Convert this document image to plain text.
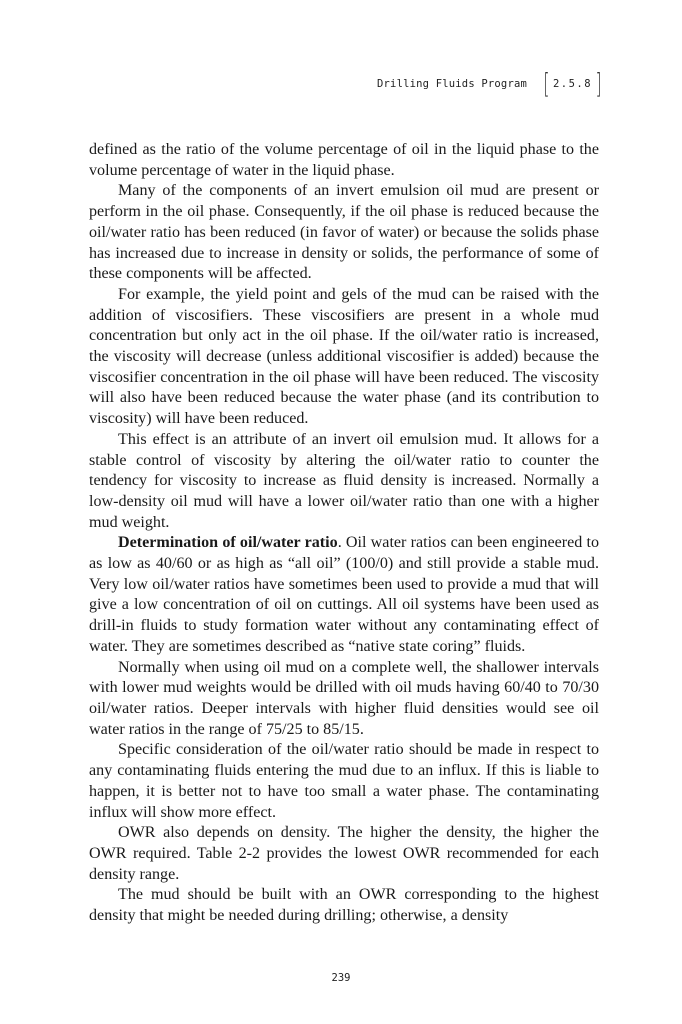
Drilling Fluids Program [ 2.5.8 ]

defined as the ratio of the volume percentage of oil in the liquid phase to the volume percentage of water in the liquid phase.

Many of the components of an invert emulsion oil mud are present or perform in the oil phase. Consequently, if the oil phase is reduced because the oil/water ratio has been reduced (in favor of water) or because the solids phase has increased due to increase in density or solids, the performance of some of these components will be affected.

For example, the yield point and gels of the mud can be raised with the addition of viscosifiers. These viscosifiers are present in a whole mud concentration but only act in the oil phase. If the oil/water ratio is increased, the viscosity will decrease (unless additional viscosifier is added) because the viscosifier concentration in the oil phase will have been reduced. The viscosity will also have been reduced because the water phase (and its contribution to viscosity) will have been reduced.

This effect is an attribute of an invert oil emulsion mud. It allows for a stable control of viscosity by altering the oil/water ratio to counter the tendency for viscosity to increase as fluid density is increased. Normally a low-density oil mud will have a lower oil/water ratio than one with a higher mud weight.

Determination of oil/water ratio. Oil water ratios can been engineered to as low as 40/60 or as high as “all oil” (100/0) and still provide a stable mud. Very low oil/water ratios have sometimes been used to provide a mud that will give a low concentration of oil on cuttings. All oil systems have been used as drill-in fluids to study formation water without any contaminating effect of water. They are sometimes described as “native state coring” fluids.

Normally when using oil mud on a complete well, the shallower intervals with lower mud weights would be drilled with oil muds having 60/40 to 70/30 oil/water ratios. Deeper intervals with higher fluid densities would see oil water ratios in the range of 75/25 to 85/15.

Specific consideration of the oil/water ratio should be made in respect to any contaminating fluids entering the mud due to an influx. If this is liable to happen, it is better not to have too small a water phase. The contaminating influx will show more effect.

OWR also depends on density. The higher the density, the higher the OWR required. Table 2-2 provides the lowest OWR recommended for each density range.

The mud should be built with an OWR corresponding to the highest density that might be needed during drilling; otherwise, a density

239
